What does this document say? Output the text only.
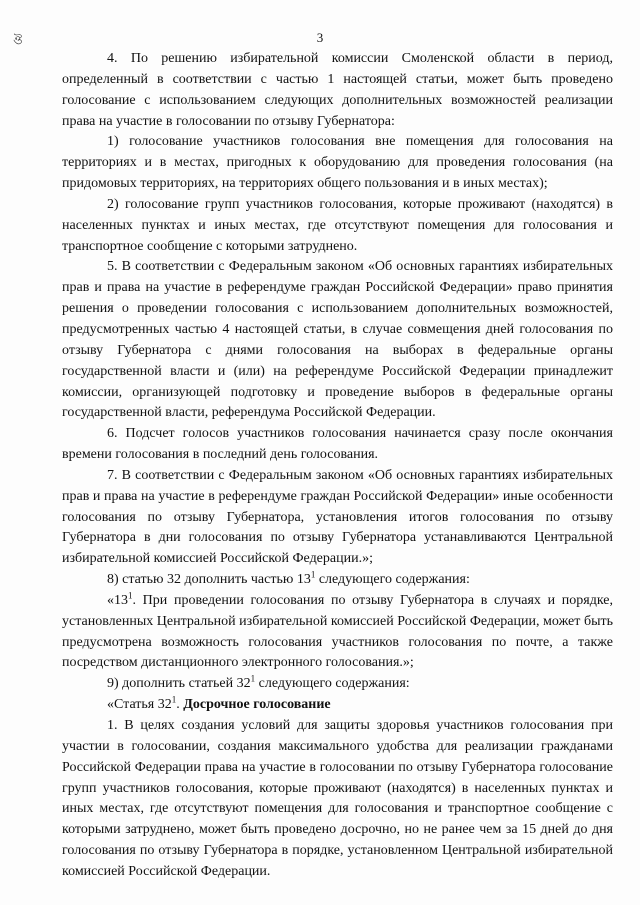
ঔ	3

4. По решению избирательной комиссии Смоленской области в период, определенный в соответствии с частью 1 настоящей статьи, может быть проведено голосование с использованием следующих дополнительных возможностей реализации права на участие в голосовании по отзыву Губернатора:

1) голосование участников голосования вне помещения для голосования на территориях и в местах, пригодных к оборудованию для проведения голосования (на придомовых территориях, на территориях общего пользования и в иных местах);

2) голосование групп участников голосования, которые проживают (находятся) в населенных пунктах и иных местах, где отсутствуют помещения для голосования и транспортное сообщение с которыми затруднено.

5. В соответствии с Федеральным законом «Об основных гарантиях избирательных прав и права на участие в референдуме граждан Российской Федерации» право принятия решения о проведении голосования с использованием дополнительных возможностей, предусмотренных частью 4 настоящей статьи, в случае совмещения дней голосования по отзыву Губернатора с днями голосования на выборах в федеральные органы государственной власти и (или) на референдуме Российской Федерации принадлежит комиссии, организующей подготовку и проведение выборов в федеральные органы государственной власти, референдума Российской Федерации.

6. Подсчет голосов участников голосования начинается сразу после окончания времени голосования в последний день голосования.

7. В соответствии с Федеральным законом «Об основных гарантиях избирательных прав и права на участие в референдуме граждан Российской Федерации» иные особенности голосования по отзыву Губернатора, установления итогов голосования по отзыву Губернатора в дни голосования по отзыву Губернатора устанавливаются Центральной избирательной комиссией Российской Федерации.»;

8) статью 32 дополнить частью $13^1$ следующего содержания:

«$13^1$. При проведении голосования по отзыву Губернатора в случаях и порядке, установленных Центральной избирательной комиссией Российской Федерации, может быть предусмотрена возможность голосования участников голосования по почте, а также посредством дистанционного электронного голосования.»;

9) дополнить статьей $32^1$ следующего содержания:

«Статья $32^1$. Досрочное голосование

1. В целях создания условий для защиты здоровья участников голосования при участии в голосовании, создания максимального удобства для реализации гражданами Российской Федерации права на участие в голосовании по отзыву Губернатора голосование групп участников голосования, которые проживают (находятся) в населенных пунктах и иных местах, где отсутствуют помещения для голосования и транспортное сообщение с которыми затруднено, может быть проведено досрочно, но не ранее чем за 15 дней до дня голосования по отзыву Губернатора в порядке, установленном Центральной избирательной комиссией Российской Федерации.
